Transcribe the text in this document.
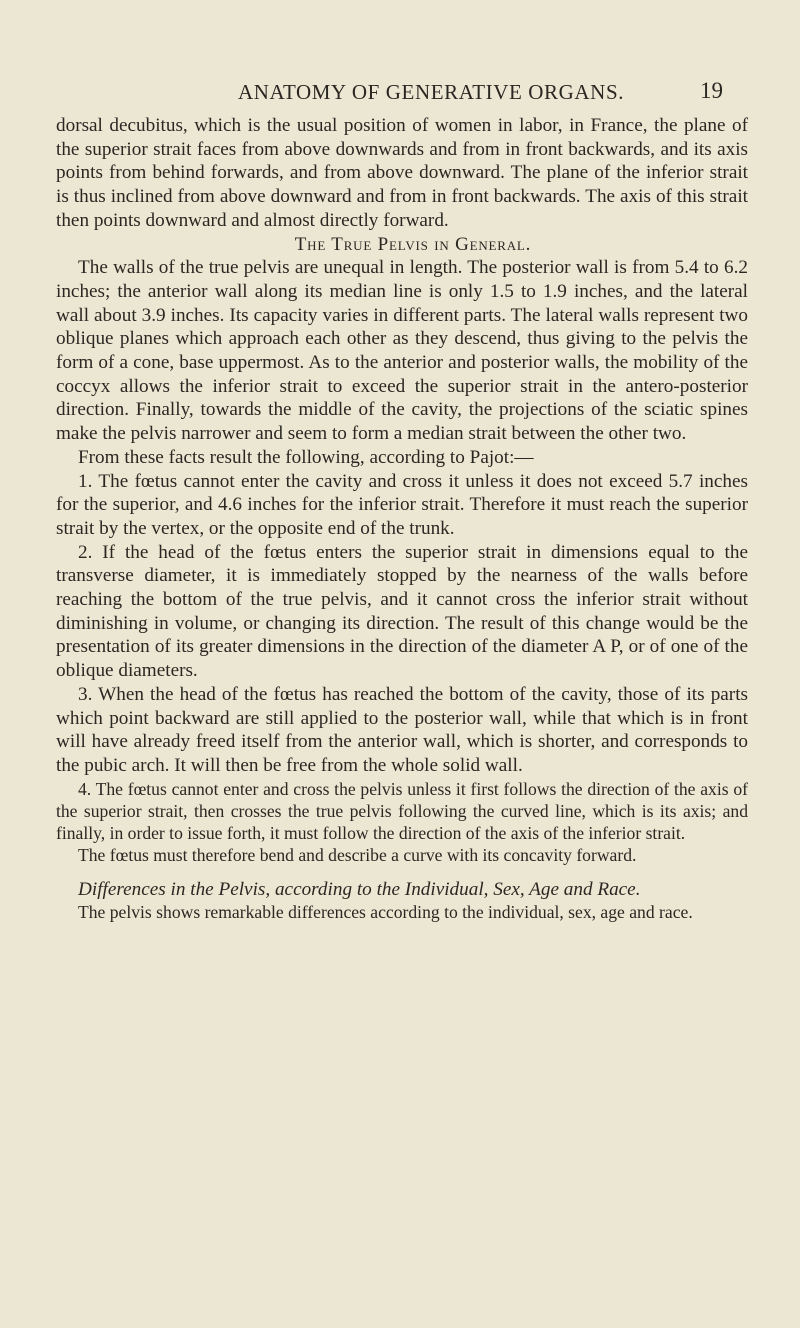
ANATOMY OF GENERATIVE ORGANS.	19

dorsal decubitus, which is the usual position of women in labor, in France, the plane of the superior strait faces from above downwards and from in front backwards, and its axis points from behind forwards, and from above downward. The plane of the inferior strait is thus inclined from above downward and from in front backwards. The axis of this strait then points downward and almost directly forward.

The True Pelvis in General.

The walls of the true pelvis are unequal in length. The posterior wall is from 5.4 to 6.2 inches; the anterior wall along its median line is only 1.5 to 1.9 inches, and the lateral wall about 3.9 inches. Its capacity varies in different parts. The lateral walls represent two oblique planes which approach each other as they descend, thus giving to the pelvis the form of a cone, base uppermost. As to the anterior and posterior walls, the mobility of the coccyx allows the inferior strait to exceed the superior strait in the antero-posterior direction. Finally, towards the middle of the cavity, the projections of the sciatic spines make the pelvis narrower and seem to form a median strait between the other two.

From these facts result the following, according to Pajot:—

1. The fœtus cannot enter the cavity and cross it unless it does not exceed 5.7 inches for the superior, and 4.6 inches for the inferior strait. Therefore it must reach the superior strait by the vertex, or the opposite end of the trunk.

2. If the head of the fœtus enters the superior strait in dimensions equal to the transverse diameter, it is immediately stopped by the nearness of the walls before reaching the bottom of the true pelvis, and it cannot cross the inferior strait without diminishing in volume, or changing its direction. The result of this change would be the presentation of its greater dimensions in the direction of the diameter A P, or of one of the oblique diameters.

3. When the head of the fœtus has reached the bottom of the cavity, those of its parts which point backward are still applied to the posterior wall, while that which is in front will have already freed itself from the anterior wall, which is shorter, and corresponds to the pubic arch. It will then be free from the whole solid wall.

4. The fœtus cannot enter and cross the pelvis unless it first follows the direction of the axis of the superior strait, then crosses the true pelvis following the curved line, which is its axis; and finally, in order to issue forth, it must follow the direction of the axis of the inferior strait.

The fœtus must therefore bend and describe a curve with its concavity forward.

Differences in the Pelvis, according to the Individual, Sex, Age and Race.

The pelvis shows remarkable differences according to the individual, sex, age and race.
